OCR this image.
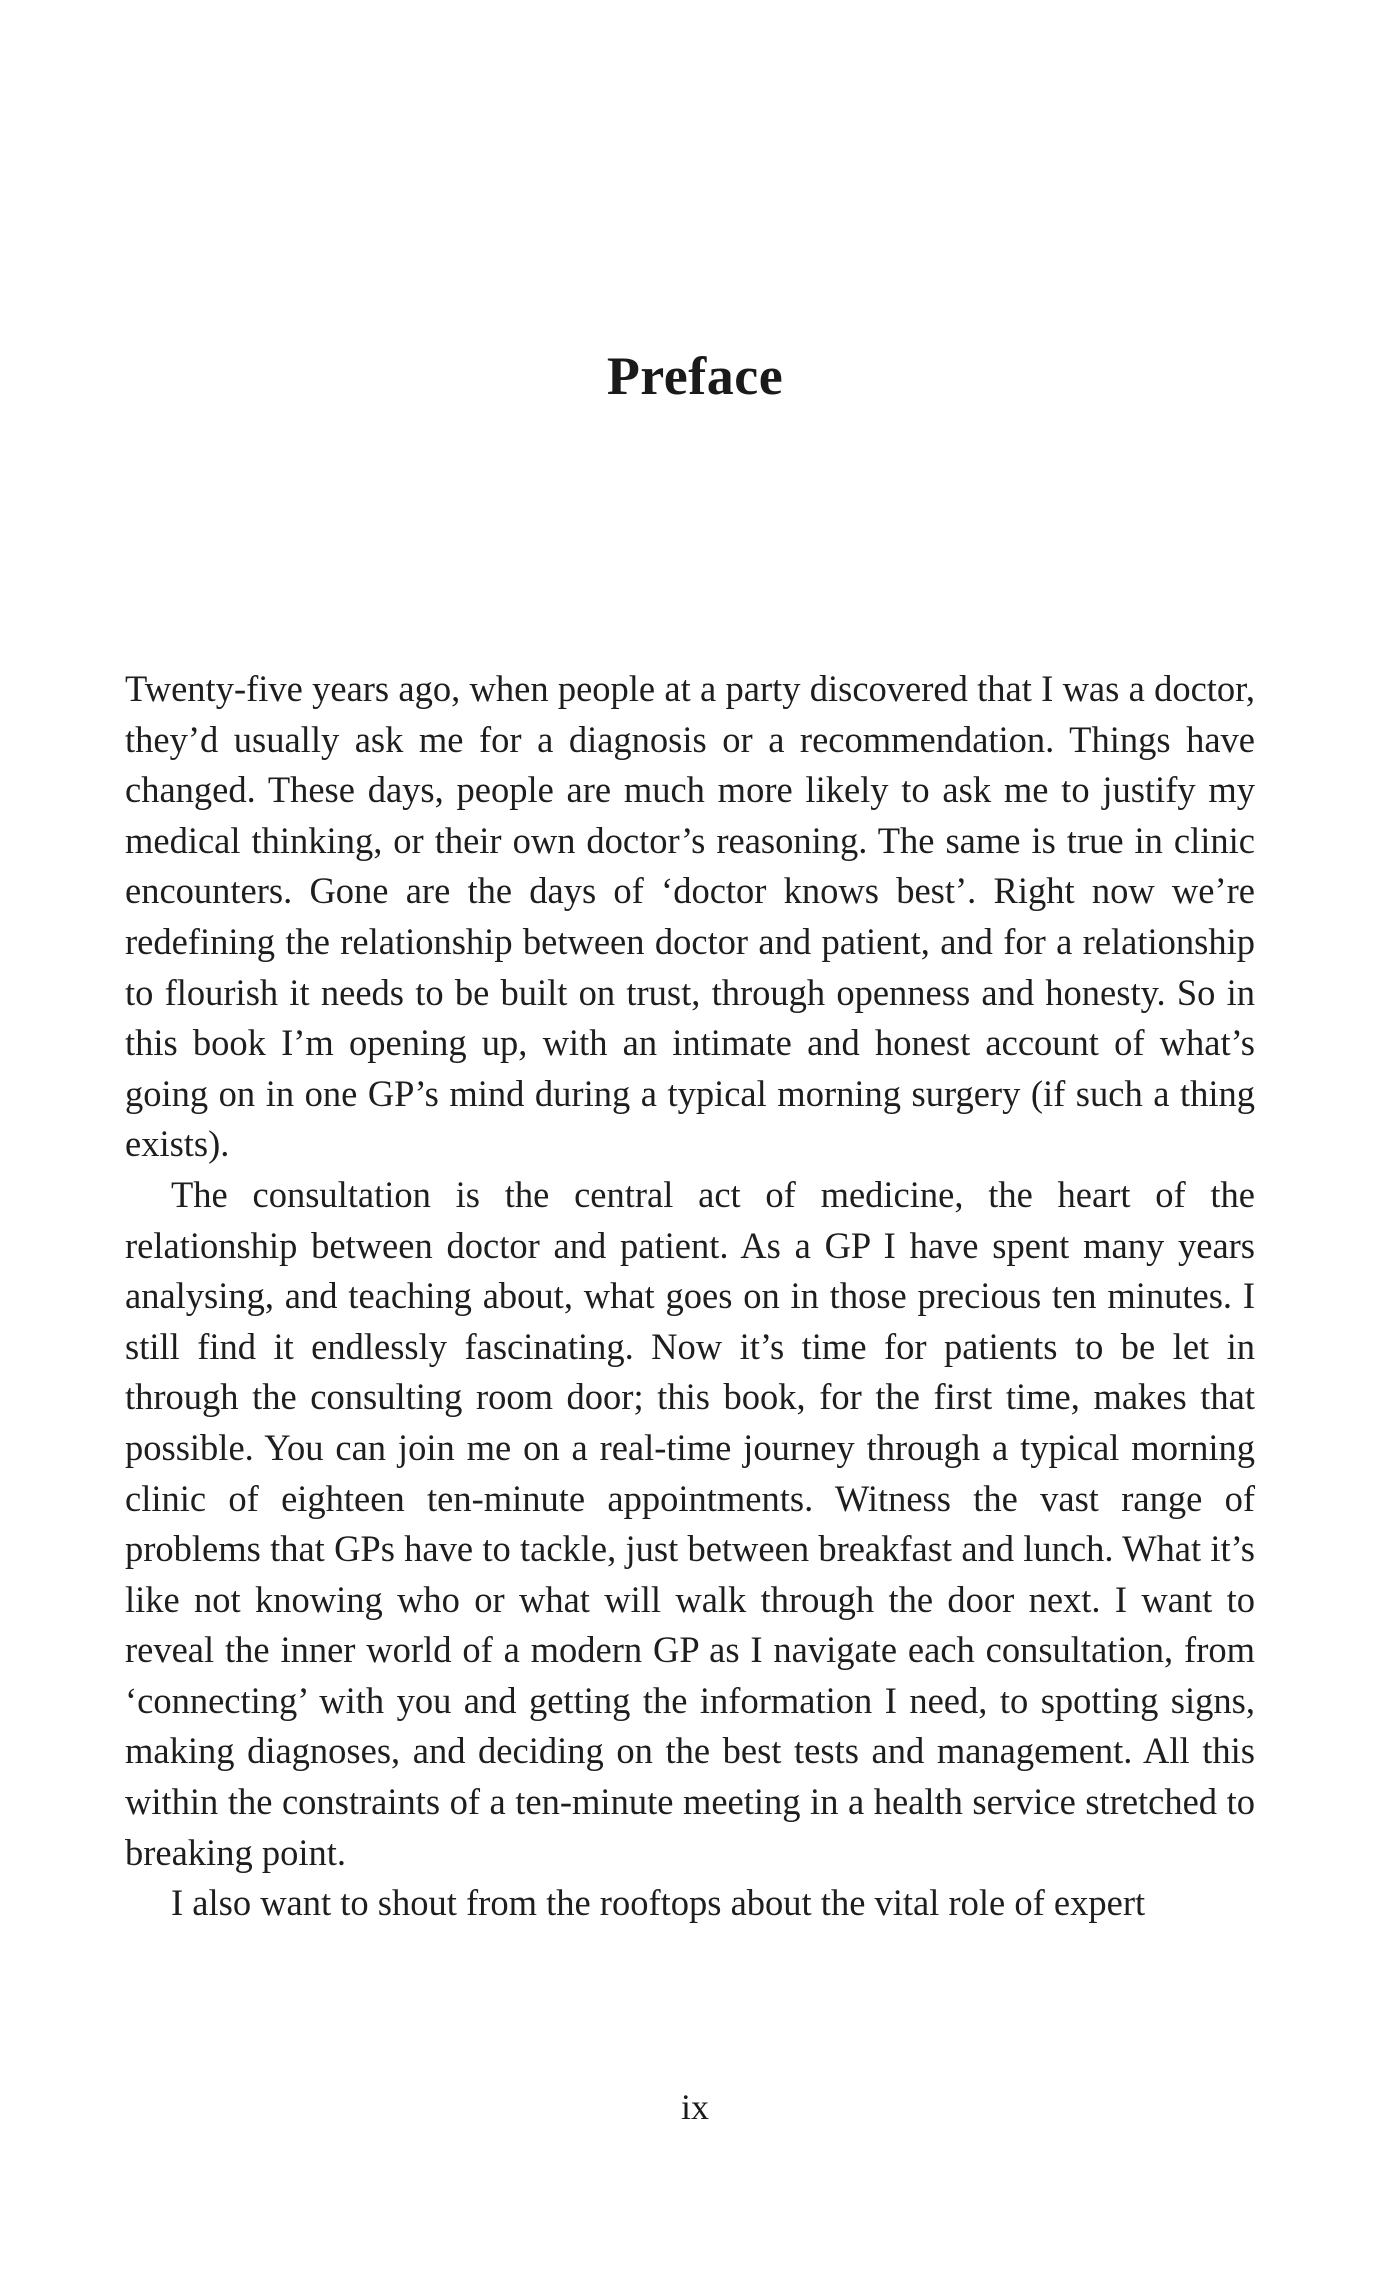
Preface

Twenty-five years ago, when people at a party discovered that I was a doctor, they’d usually ask me for a diagnosis or a recommendation. Things have changed. These days, people are much more likely to ask me to justify my medical thinking, or their own doctor’s reasoning. The same is true in clinic encounters. Gone are the days of ‘doctor knows best’. Right now we’re redefining the relationship between doctor and patient, and for a relationship to flourish it needs to be built on trust, through openness and honesty. So in this book I’m opening up, with an intimate and honest account of what’s going on in one GP’s mind during a typical morning surgery (if such a thing exists).

The consultation is the central act of medicine, the heart of the relationship between doctor and patient. As a GP I have spent many years analysing, and teaching about, what goes on in those precious ten minutes. I still find it endlessly fascinating. Now it’s time for patients to be let in through the consulting room door; this book, for the first time, makes that possible. You can join me on a real-time journey through a typical morning clinic of eighteen ten-minute appointments. Witness the vast range of problems that GPs have to tackle, just between breakfast and lunch. What it’s like not knowing who or what will walk through the door next. I want to reveal the inner world of a modern GP as I navigate each consultation, from ‘connecting’ with you and getting the information I need, to spotting signs, making diagnoses, and deciding on the best tests and management. All this within the constraints of a ten-minute meeting in a health service stretched to breaking point.

I also want to shout from the rooftops about the vital role of expert

ix
